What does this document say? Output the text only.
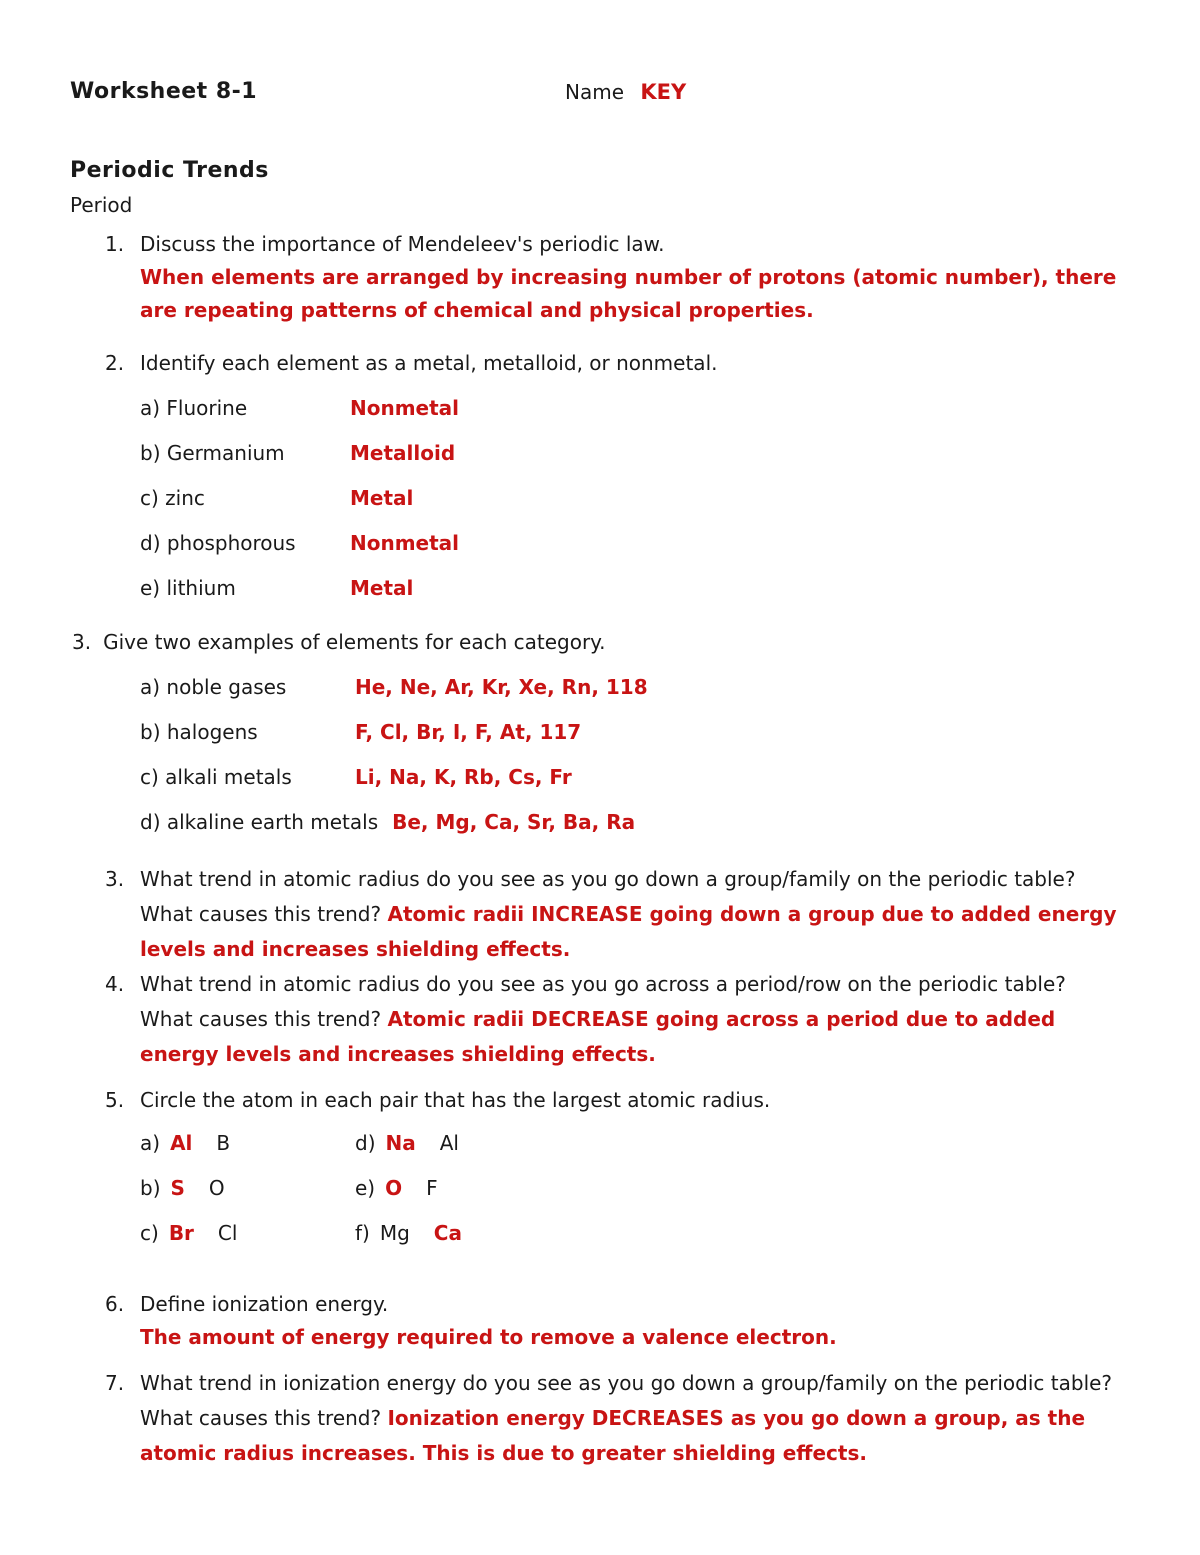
Worksheet 8-1	Name KEY
Periodic Trends
Period
1. Discuss the importance of Mendeleev's periodic law.
When elements are arranged by increasing number of protons (atomic number), there are repeating patterns of chemical and physical properties.
2. Identify each element as a metal, metalloid, or nonmetal.
a) Fluorine	Nonmetal
b) Germanium	Metalloid
c) zinc	Metal
d) phosphorous	Nonmetal
e) lithium	Metal
3. Give two examples of elements for each category.
a) noble gases	He, Ne, Ar, Kr, Xe, Rn, 118
b) halogens	F, Cl, Br, I, F, At, 117
c) alkali metals	Li, Na, K, Rb, Cs, Fr
d) alkaline earth metals Be, Mg, Ca, Sr, Ba, Ra
3. What trend in atomic radius do you see as you go down a group/family on the periodic table? What causes this trend? Atomic radii INCREASE going down a group due to added energy levels and increases shielding effects.
4. What trend in atomic radius do you see as you go across a period/row on the periodic table? What causes this trend? Atomic radii DECREASE going across a period due to added energy levels and increases shielding effects.
5. Circle the atom in each pair that has the largest atomic radius.
a) Al B	d) Na Al
b) S O	e) O F
c) Br Cl	f) Mg Ca
6. Define ionization energy.
The amount of energy required to remove a valence electron.
7. What trend in ionization energy do you see as you go down a group/family on the periodic table? What causes this trend? Ionization energy DECREASES as you go down a group, as the atomic radius increases. This is due to greater shielding effects.
